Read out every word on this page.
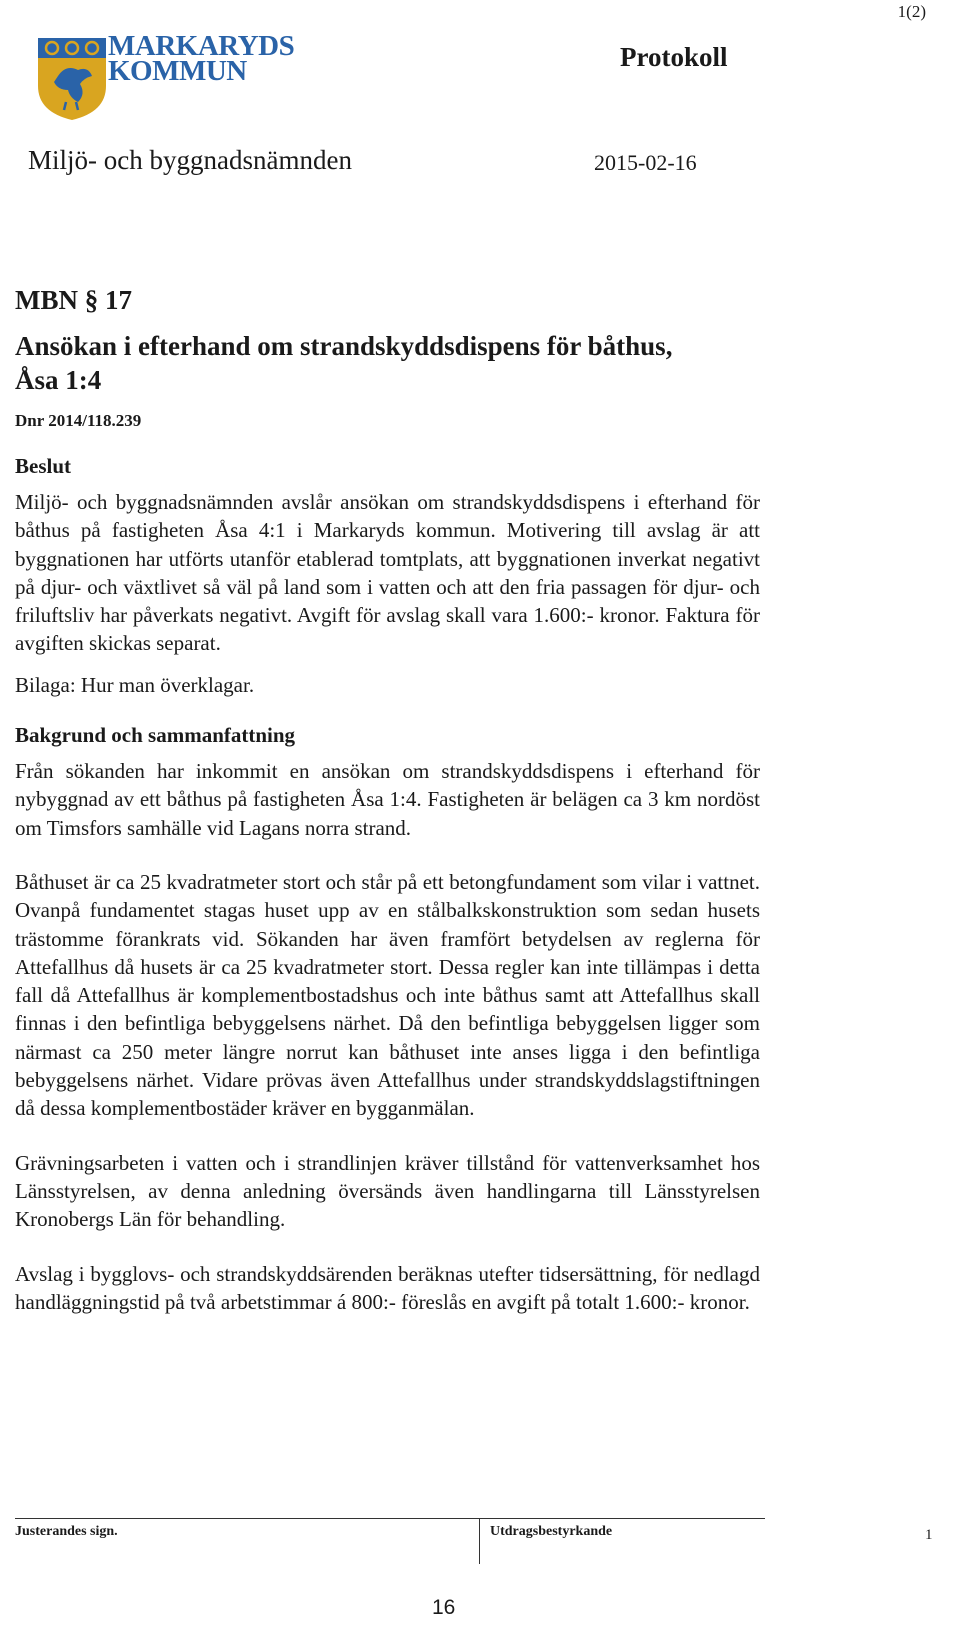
1(2)
MARKARYDS
KOMMUN	Protokoll
Miljö- och byggnadsnämnden	2015-02-16
MBN § 17
Ansökan i efterhand om strandskyddsdispens för båthus,
Åsa 1:4
Dnr 2014/118.239
Beslut

Miljö- och byggnadsnämnden avslår ansökan om strandskyddsdispens i efterhand för båthus på fastigheten Åsa 4:1 i Markaryds kommun. Motivering till avslag är att byggnationen har utförts utanför etablerad tomtplats, att byggnationen inverkat negativt på djur- och växtlivet så väl på land som i vatten och att den fria passagen för djur- och friluftsliv har påverkats negativt. Avgift för avslag skall vara 1.600:- kronor. Faktura för avgiften skickas separat.

Bilaga: Hur man överklagar.

Bakgrund och sammanfattning

Från sökanden har inkommit en ansökan om strandskyddsdispens i efterhand för nybyggnad av ett båthus på fastigheten Åsa 1:4. Fastigheten är belägen ca 3 km nordöst om Timsfors samhälle vid Lagans norra strand.

Båthuset är ca 25 kvadratmeter stort och står på ett betongfundament som vilar i vattnet. Ovanpå fundamentet stagas huset upp av en stålbalkskonstruktion som sedan husets trästomme förankrats vid. Sökanden har även framfört betydelsen av reglerna för Attefallhus då husets är ca 25 kvadratmeter stort. Dessa regler kan inte tillämpas i detta fall då Attefallhus är komplementbostadshus och inte båthus samt att Attefallhus skall finnas i den befintliga bebyggelsens närhet. Då den befintliga bebyggelsen ligger som närmast ca 250 meter längre norrut kan båthuset inte anses ligga i den befintliga bebyggelsens närhet. Vidare prövas även Attefallhus under strandskyddslagstiftningen då dessa komplementbostäder kräver en bygganmälan.

Grävningsarbeten i vatten och i strandlinjen kräver tillstånd för vattenverksamhet hos Länsstyrelsen, av denna anledning översänds även handlingarna till Länsstyrelsen Kronobergs Län för behandling.

Avslag i bygglovs- och strandskyddsärenden beräknas utefter tidsersättning, för nedlagd handläggningstid på två arbetstimmar á 800:- föreslås en avgift på totalt 1.600:- kronor.

Justerandes sign.	Utdragsbestyrkande	1
16
